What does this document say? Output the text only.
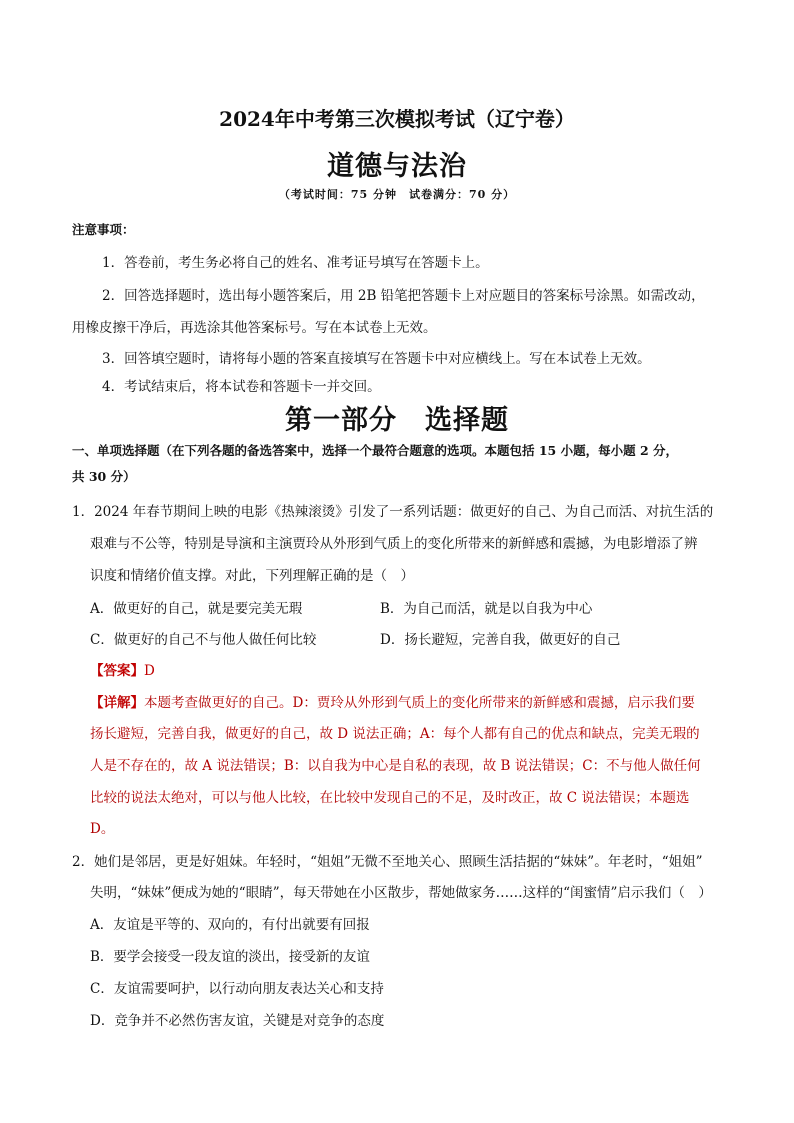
2024年中考第三次模拟考试（辽宁卷）
道德与法治
（考试时间：75 分钟　试卷满分：70 分）
注意事项：
1．答卷前，考生务必将自己的姓名、准考证号填写在答题卡上。
2．回答选择题时，选出每小题答案后，用 2B 铅笔把答题卡上对应题目的答案标号涂黑。如需改动，
用橡皮擦干净后，再选涂其他答案标号。写在本试卷上无效。
3．回答填空题时，请将每小题的答案直接填写在答题卡中对应横线上。写在本试卷上无效。
4．考试结束后，将本试卷和答题卡一并交回。
第一部分　选择题
一、单项选择题（在下列各题的备选答案中，选择一个最符合题意的选项。本题包括 15 小题，每小题 2 分，
共 30 分）
1．2024 年春节期间上映的电影《热辣滚烫》引发了一系列话题：做更好的自己、为自己而活、对抗生活的
艰难与不公等，特别是导演和主演贾玲从外形到气质上的变化所带来的新鲜感和震撼，为电影增添了辨
识度和情绪价值支撑。对此，下列理解正确的是（　）
A．做更好的自己，就是要完美无瑕	B．为自己而活，就是以自我为中心
C．做更好的自己不与他人做任何比较	D．扬长避短，完善自我，做更好的自己
【答案】D
【详解】本题考查做更好的自己。D：贾玲从外形到气质上的变化所带来的新鲜感和震撼，启示我们要
扬长避短，完善自我，做更好的自己，故 D 说法正确；A：每个人都有自己的优点和缺点，完美无瑕的
人是不存在的，故 A 说法错误；B：以自我为中心是自私的表现，故 B 说法错误；C：不与他人做任何
比较的说法太绝对，可以与他人比较，在比较中发现自己的不足，及时改正，故 C 说法错误；本题选
D。
2．她们是邻居，更是好姐妹。年轻时，“姐姐”无微不至地关心、照顾生活拮据的“妹妹”。年老时，“姐姐”
失明，“妹妹”便成为她的“眼睛”，每天带她在小区散步，帮她做家务……这样的“闺蜜情”启示我们（　）
A．友谊是平等的、双向的，有付出就要有回报
B．要学会接受一段友谊的淡出，接受新的友谊
C．友谊需要呵护，以行动向朋友表达关心和支持
D．竞争并不必然伤害友谊，关键是对竞争的态度
